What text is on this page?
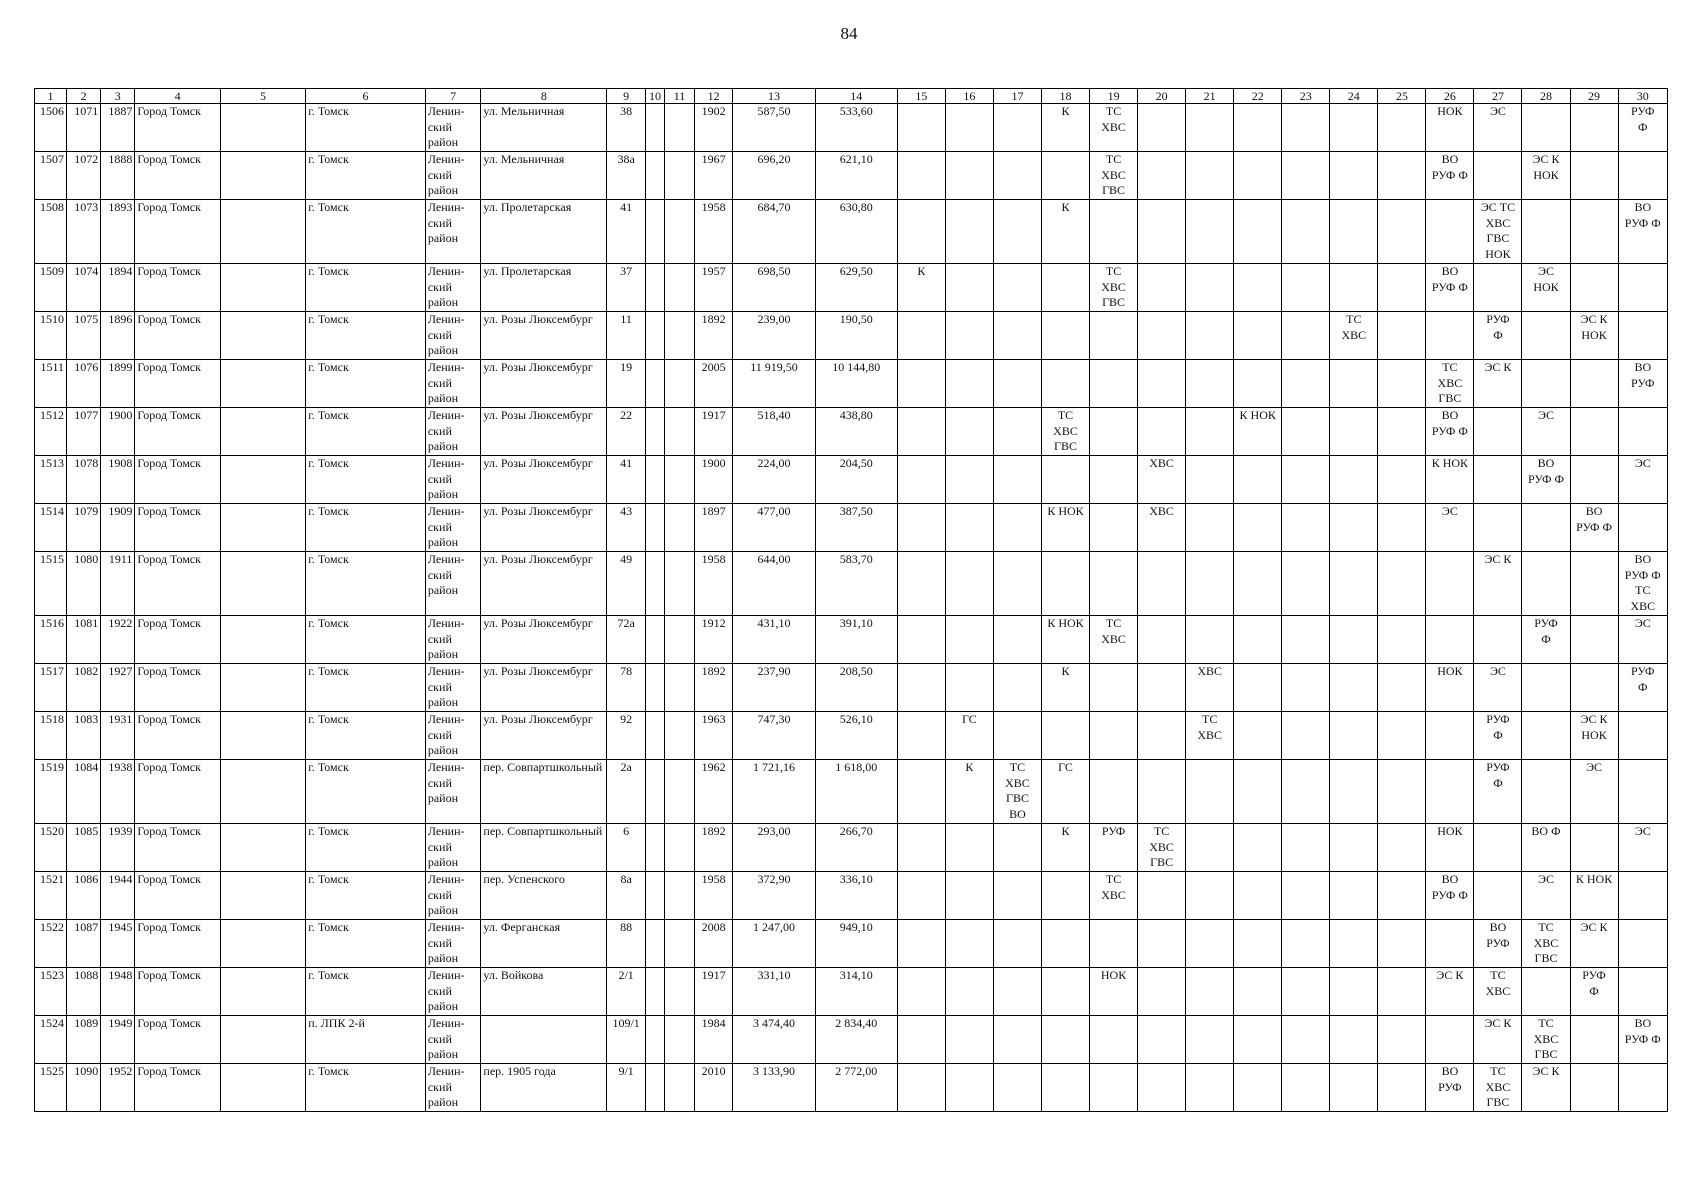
84
1	2	3	4	5	6	7	8	9	10	11	12	13	14	15	16	17	18	19	20	21	22	23	24	25	26	27	28	29	30
1506	1071	1887	Город Томск		г. Томск	Ленин-
ский
район	ул. Мельничная	38			1902	587,50	533,60				К	ТС
ХВС							НОК	ЭС			РУФ
Ф
1507	1072	1888	Город Томск		г. Томск	Ленин-
ский
район	ул. Мельничная	38а			1967	696,20	621,10					ТС
ХВС
ГВС							ВО
РУФ Ф		ЭС К
НОК		
1508	1073	1893	Город Томск		г. Томск	Ленин-
ский
район	ул. Пролетарская	41			1958	684,70	630,80				К									ЭС ТС
ХВС
ГВС
НОК			ВО
РУФ Ф
1509	1074	1894	Город Томск		г. Томск	Ленин-
ский
район	ул. Пролетарская	37			1957	698,50	629,50	К				ТС
ХВС
ГВС							ВО
РУФ Ф		ЭС
НОК		
1510	1075	1896	Город Томск		г. Томск	Ленин-
ский
район	ул. Розы Люксембург	11			1892	239,00	190,50										ТС
ХВС			РУФ
Ф		ЭС К
НОК	
1511	1076	1899	Город Томск		г. Томск	Ленин-
ский
район	ул. Розы Люксембург	19			2005	11 919,50	10 144,80												ТС
ХВС
ГВС	ЭС К			ВО
РУФ
1512	1077	1900	Город Томск		г. Томск	Ленин-
ский
район	ул. Розы Люксембург	22			1917	518,40	438,80				ТС
ХВС
ГВС				К НОК				ВО
РУФ Ф		ЭС		
1513	1078	1908	Город Томск		г. Томск	Ленин-
ский
район	ул. Розы Люксембург	41			1900	224,00	204,50						ХВС						К НОК		ВО
РУФ Ф		ЭС
1514	1079	1909	Город Томск		г. Томск	Ленин-
ский
район	ул. Розы Люксембург	43			1897	477,00	387,50				К НОК		ХВС						ЭС			ВО
РУФ Ф	
1515	1080	1911	Город Томск		г. Томск	Ленин-
ский
район	ул. Розы Люксембург	49			1958	644,00	583,70													ЭС К			ВО
РУФ Ф
ТС
ХВС
1516	1081	1922	Город Томск		г. Томск	Ленин-
ский
район	ул. Розы Люксембург	72а			1912	431,10	391,10				К НОК	ТС
ХВС									РУФ
Ф		ЭС
1517	1082	1927	Город Томск		г. Томск	Ленин-
ский
район	ул. Розы Люксембург	78			1892	237,90	208,50				К			ХВС					НОК	ЭС			РУФ
Ф
1518	1083	1931	Город Томск		г. Томск	Ленин-
ский
район	ул. Розы Люксембург	92			1963	747,30	526,10		ГС					ТС
ХВС						РУФ
Ф		ЭС К
НОК	
1519	1084	1938	Город Томск		г. Томск	Ленин-
ский
район	пер. Совпартшкольный	2а			1962	1 721,16	1 618,00		К	ТС
ХВС
ГВС
ВО	ГС									РУФ
Ф		ЭС	
1520	1085	1939	Город Томск		г. Томск	Ленин-
ский
район	пер. Совпартшкольный	6			1892	293,00	266,70				К	РУФ	ТС
ХВС
ГВС						НОК		ВО Ф		ЭС
1521	1086	1944	Город Томск		г. Томск	Ленин-
ский
район	пер. Успенского	8а			1958	372,90	336,10					ТС
ХВС							ВО
РУФ Ф		ЭС	К НОК	
1522	1087	1945	Город Томск		г. Томск	Ленин-
ский
район	ул. Ферганская	88			2008	1 247,00	949,10													ВО
РУФ	ТС
ХВС
ГВС	ЭС К	
1523	1088	1948	Город Томск		г. Томск	Ленин-
ский
район	ул. Войкова	2/1			1917	331,10	314,10					НОК							ЭС К	ТС
ХВС		РУФ
Ф	
1524	1089	1949	Город Томск		п. ЛПК 2-й	Ленин-
ский
район		109/1			1984	3 474,40	2 834,40													ЭС К	ТС
ХВС
ГВС		ВО
РУФ Ф
1525	1090	1952	Город Томск		г. Томск	Ленин-
ский
район	пер. 1905 года	9/1			2010	3 133,90	2 772,00												ВО
РУФ	ТС
ХВС
ГВС	ЭС К		
